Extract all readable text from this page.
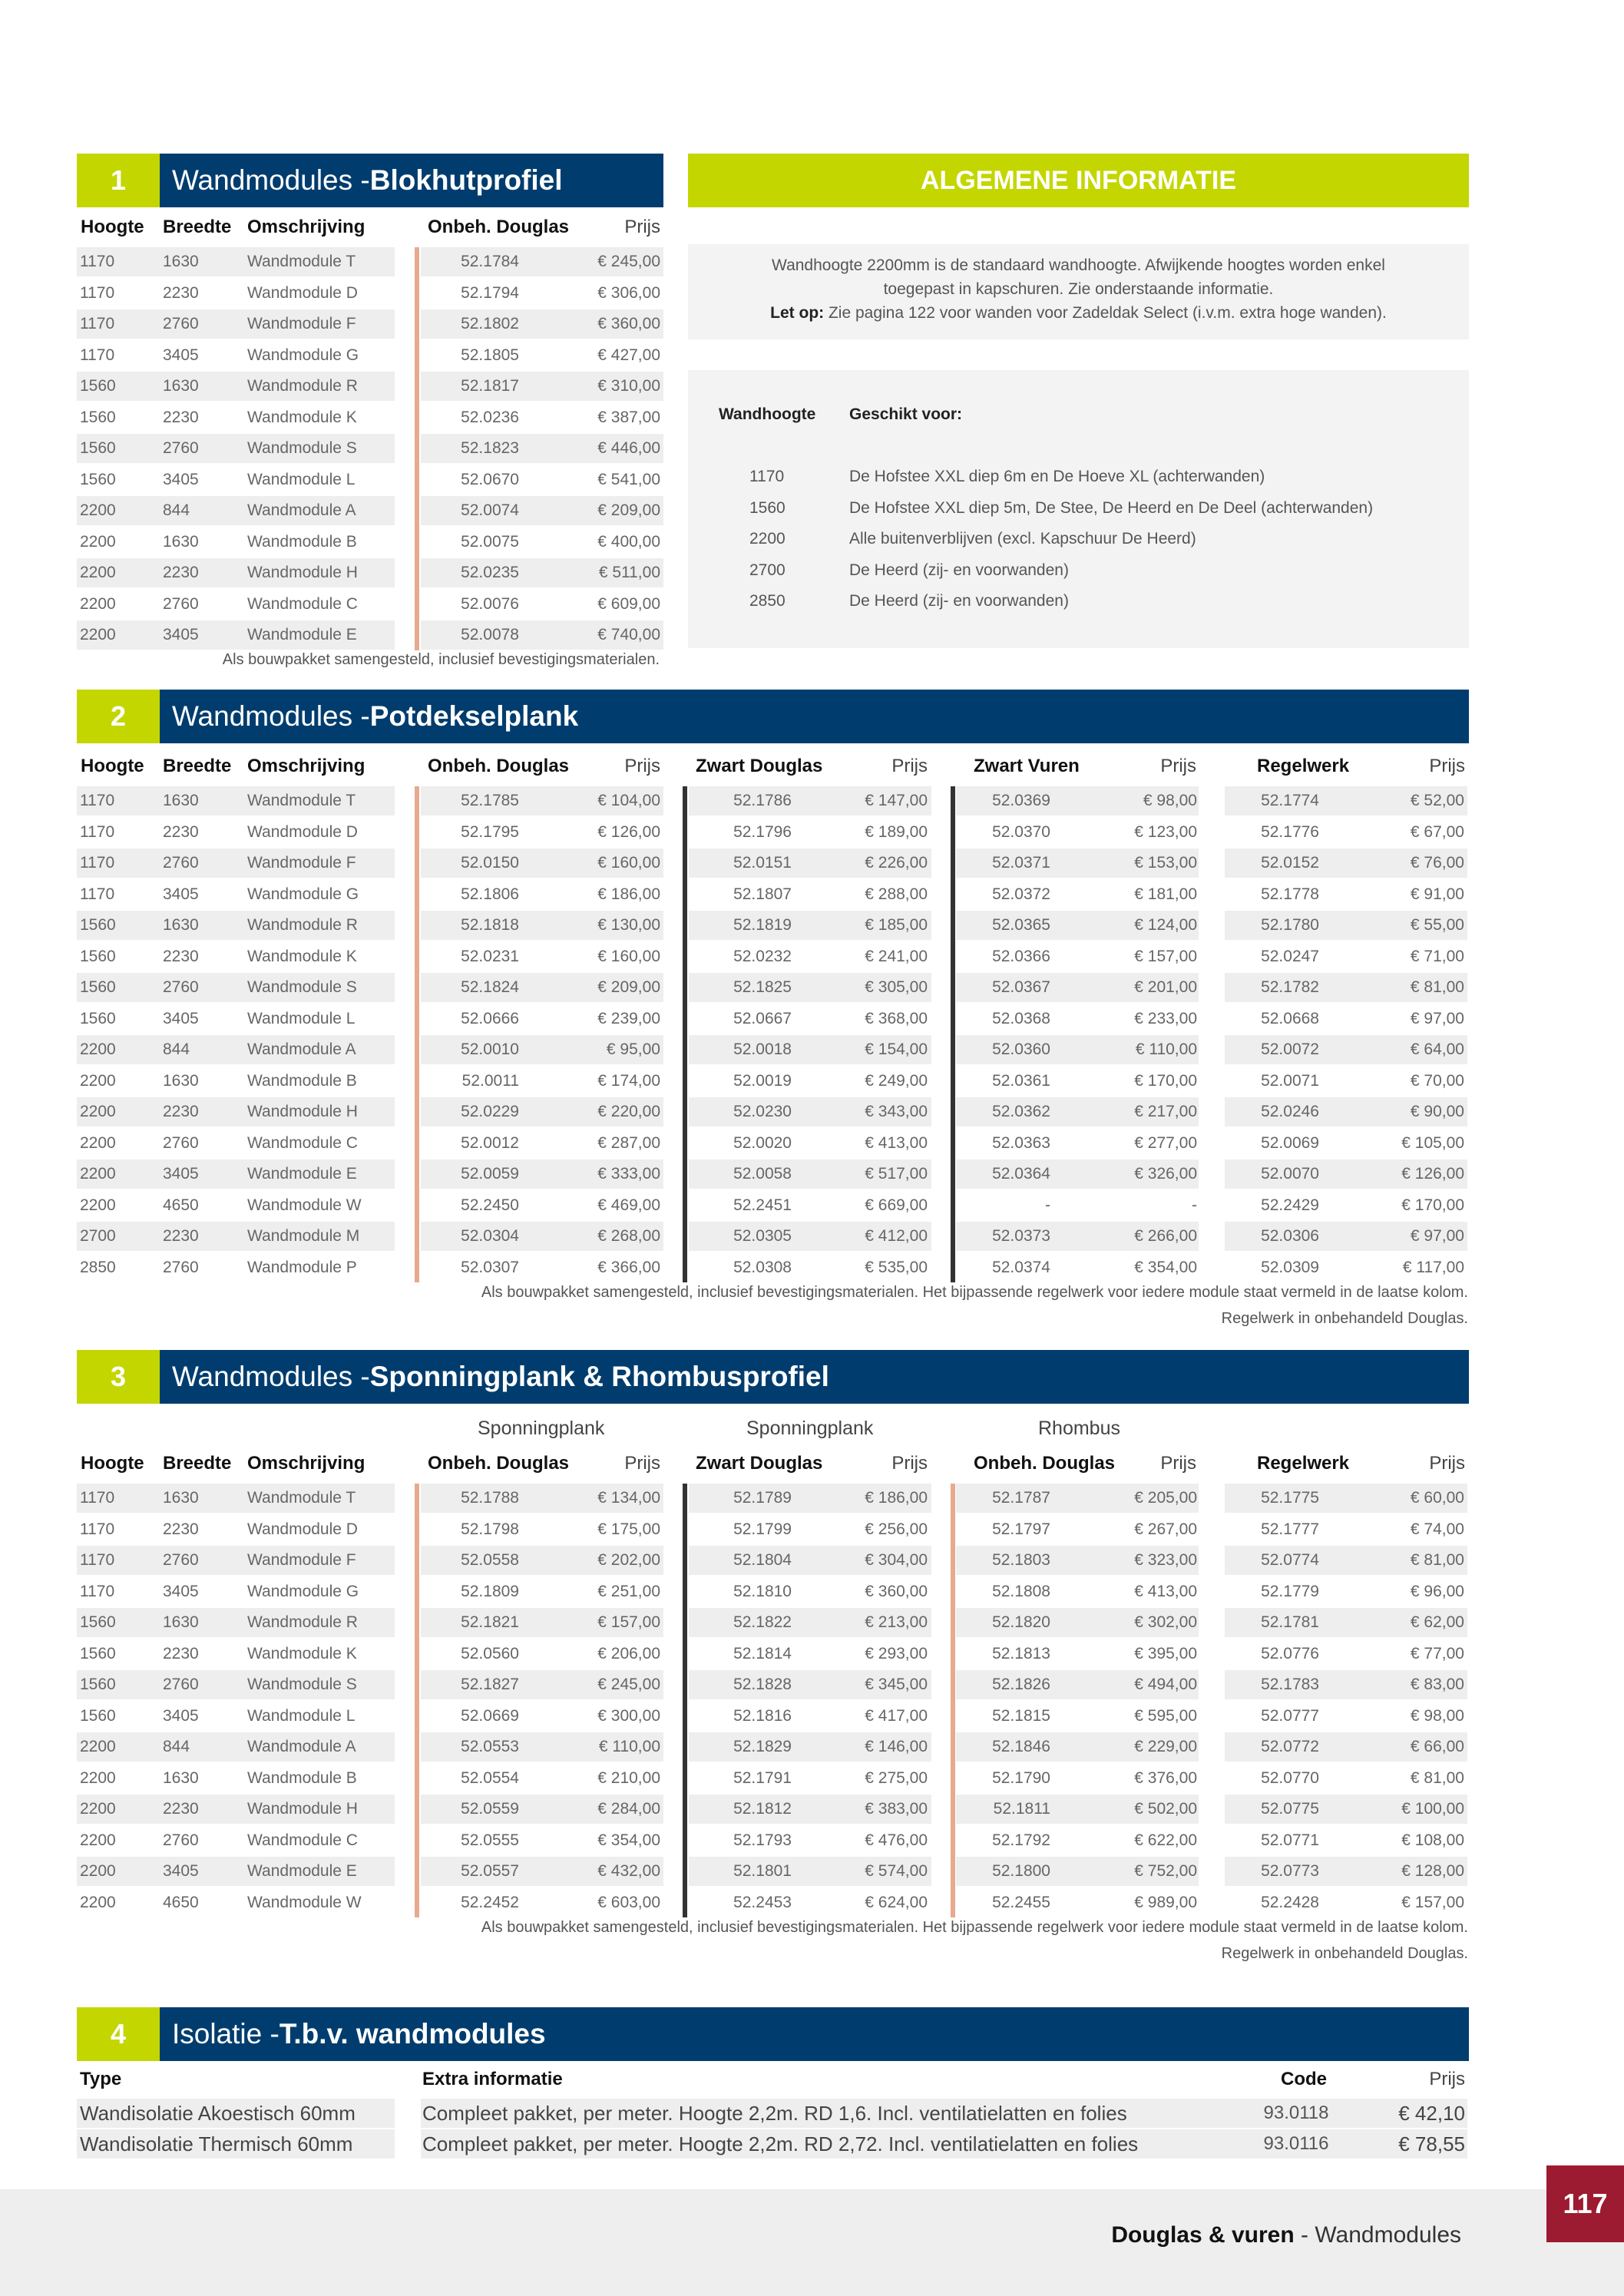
1	Wandmodules - Blokhutprofiel
Hoogte Breedte Omschrijving	Onbeh. Douglas	Prijs
1170	1630	Wandmodule T	52.1784	€ 245,00
1170	2230	Wandmodule D	52.1794	€ 306,00
1170	2760	Wandmodule F	52.1802	€ 360,00
1170	3405	Wandmodule G	52.1805	€ 427,00
1560	1630	Wandmodule R	52.1817	€ 310,00
1560	2230	Wandmodule K	52.0236	€ 387,00
1560	2760	Wandmodule S	52.1823	€ 446,00
1560	3405	Wandmodule L	52.0670	€ 541,00
2200	844	Wandmodule A	52.0074	€ 209,00
2200	1630	Wandmodule B	52.0075	€ 400,00
2200	2230	Wandmodule H	52.0235	€ 511,00
2200	2760	Wandmodule C	52.0076	€ 609,00
2200	3405	Wandmodule E	52.0078	€ 740,00
Als bouwpakket samengesteld, inclusief bevestigingsmaterialen.
ALGEMENE INFORMATIE
Wandhoogte 2200mm is de standaard wandhoogte. Afwijkende hoogtes worden enkel
toegepast in kapschuren. Zie onderstaande informatie.
Let op: Zie pagina 122 voor wanden voor Zadeldak Select (i.v.m. extra hoge wanden).
Wandhoogte Geschikt voor:
1170	De Hofstee XXL diep 6m en De Hoeve XL (achterwanden)
1560	De Hofstee XXL diep 5m, De Stee, De Heerd en De Deel (achterwanden)
2200	Alle buitenverblijven (excl. Kapschuur De Heerd)
2700	De Heerd (zij- en voorwanden)
2850	De Heerd (zij- en voorwanden)
2	Wandmodules - Potdekselplank
Hoogte Breedte Omschrijving	Onbeh. Douglas	Prijs Zwart Douglas	Prijs	Zwart Vuren	Prijs	Regelwerk	Prijs
1170	1630	Wandmodule T	52.1785	€ 104,00	52.1786	€ 147,00	52.0369	€ 98,00	52.1774	€ 52,00
1170	2230	Wandmodule D	52.1795	€ 126,00	52.1796	€ 189,00	52.0370	€ 123,00	52.1776	€ 67,00
1170	2760	Wandmodule F	52.0150	€ 160,00	52.0151	€ 226,00	52.0371	€ 153,00	52.0152	€ 76,00
1170	3405	Wandmodule G	52.1806	€ 186,00	52.1807	€ 288,00	52.0372	€ 181,00	52.1778	€ 91,00
1560	1630	Wandmodule R	52.1818	€ 130,00	52.1819	€ 185,00	52.0365	€ 124,00	52.1780	€ 55,00
1560	2230	Wandmodule K	52.0231	€ 160,00	52.0232	€ 241,00	52.0366	€ 157,00	52.0247	€ 71,00
1560	2760	Wandmodule S	52.1824	€ 209,00	52.1825	€ 305,00	52.0367	€ 201,00	52.1782	€ 81,00
1560	3405	Wandmodule L	52.0666	€ 239,00	52.0667	€ 368,00	52.0368	€ 233,00	52.0668	€ 97,00
2200	844	Wandmodule A	52.0010	€ 95,00	52.0018	€ 154,00	52.0360	€ 110,00	52.0072	€ 64,00
2200	1630	Wandmodule B	52.0011	€ 174,00	52.0019	€ 249,00	52.0361	€ 170,00	52.0071	€ 70,00
2200	2230	Wandmodule H	52.0229	€ 220,00	52.0230	€ 343,00	52.0362	€ 217,00	52.0246	€ 90,00
2200	2760	Wandmodule C	52.0012	€ 287,00	52.0020	€ 413,00	52.0363	€ 277,00	52.0069	€ 105,00
2200	3405	Wandmodule E	52.0059	€ 333,00	52.0058	€ 517,00	52.0364	€ 326,00	52.0070	€ 126,00
2200	4650	Wandmodule W	52.2450	€ 469,00	52.2451	€ 669,00	-	-	52.2429	€ 170,00
2700	2230	Wandmodule M	52.0304	€ 268,00	52.0305	€ 412,00	52.0373	€ 266,00	52.0306	€ 97,00
2850	2760	Wandmodule P	52.0307	€ 366,00	52.0308	€ 535,00	52.0374	€ 354,00	52.0309	€ 117,00
Als bouwpakket samengesteld, inclusief bevestigingsmaterialen. Het bijpassende regelwerk voor iedere module staat vermeld in de laatse kolom.
Regelwerk in onbehandeld Douglas.
3	Wandmodules - Sponningplank & Rhombusprofiel
Sponningplank	Sponningplank	Rhombus
Hoogte Breedte Omschrijving	Onbeh. Douglas	Prijs Zwart Douglas	Prijs	Onbeh. Douglas	Prijs	Regelwerk	Prijs
1170	1630	Wandmodule T	52.1788	€ 134,00	52.1789	€ 186,00	52.1787	€ 205,00	52.1775	€ 60,00
1170	2230	Wandmodule D	52.1798	€ 175,00	52.1799	€ 256,00	52.1797	€ 267,00	52.1777	€ 74,00
1170	2760	Wandmodule F	52.0558	€ 202,00	52.1804	€ 304,00	52.1803	€ 323,00	52.0774	€ 81,00
1170	3405	Wandmodule G	52.1809	€ 251,00	52.1810	€ 360,00	52.1808	€ 413,00	52.1779	€ 96,00
1560	1630	Wandmodule R	52.1821	€ 157,00	52.1822	€ 213,00	52.1820	€ 302,00	52.1781	€ 62,00
1560	2230	Wandmodule K	52.0560	€ 206,00	52.1814	€ 293,00	52.1813	€ 395,00	52.0776	€ 77,00
1560	2760	Wandmodule S	52.1827	€ 245,00	52.1828	€ 345,00	52.1826	€ 494,00	52.1783	€ 83,00
1560	3405	Wandmodule L	52.0669	€ 300,00	52.1816	€ 417,00	52.1815	€ 595,00	52.0777	€ 98,00
2200	844	Wandmodule A	52.0553	€ 110,00	52.1829	€ 146,00	52.1846	€ 229,00	52.0772	€ 66,00
2200	1630	Wandmodule B	52.0554	€ 210,00	52.1791	€ 275,00	52.1790	€ 376,00	52.0770	€ 81,00
2200	2230	Wandmodule H	52.0559	€ 284,00	52.1812	€ 383,00	52.1811	€ 502,00	52.0775	€ 100,00
2200	2760	Wandmodule C	52.0555	€ 354,00	52.1793	€ 476,00	52.1792	€ 622,00	52.0771	€ 108,00
2200	3405	Wandmodule E	52.0557	€ 432,00	52.1801	€ 574,00	52.1800	€ 752,00	52.0773	€ 128,00
2200	4650	Wandmodule W	52.2452	€ 603,00	52.2453	€ 624,00	52.2455	€ 989,00	52.2428	€ 157,00
Als bouwpakket samengesteld, inclusief bevestigingsmaterialen. Het bijpassende regelwerk voor iedere module staat vermeld in de laatse kolom.
Regelwerk in onbehandeld Douglas.
4	Isolatie - T.b.v. wandmodules
Type	Extra informatie	Code	Prijs
Wandisolatie Akoestisch 60mm	Compleet pakket, per meter. Hoogte 2,2m. RD 1,6. Incl. ventilatielatten en folies	93.0118	€ 42,10
Wandisolatie Thermisch 60mm	Compleet pakket, per meter. Hoogte 2,2m. RD 2,72. Incl. ventilatielatten en folies	93.0116	€ 78,55
Douglas & vuren - Wandmodules
117
